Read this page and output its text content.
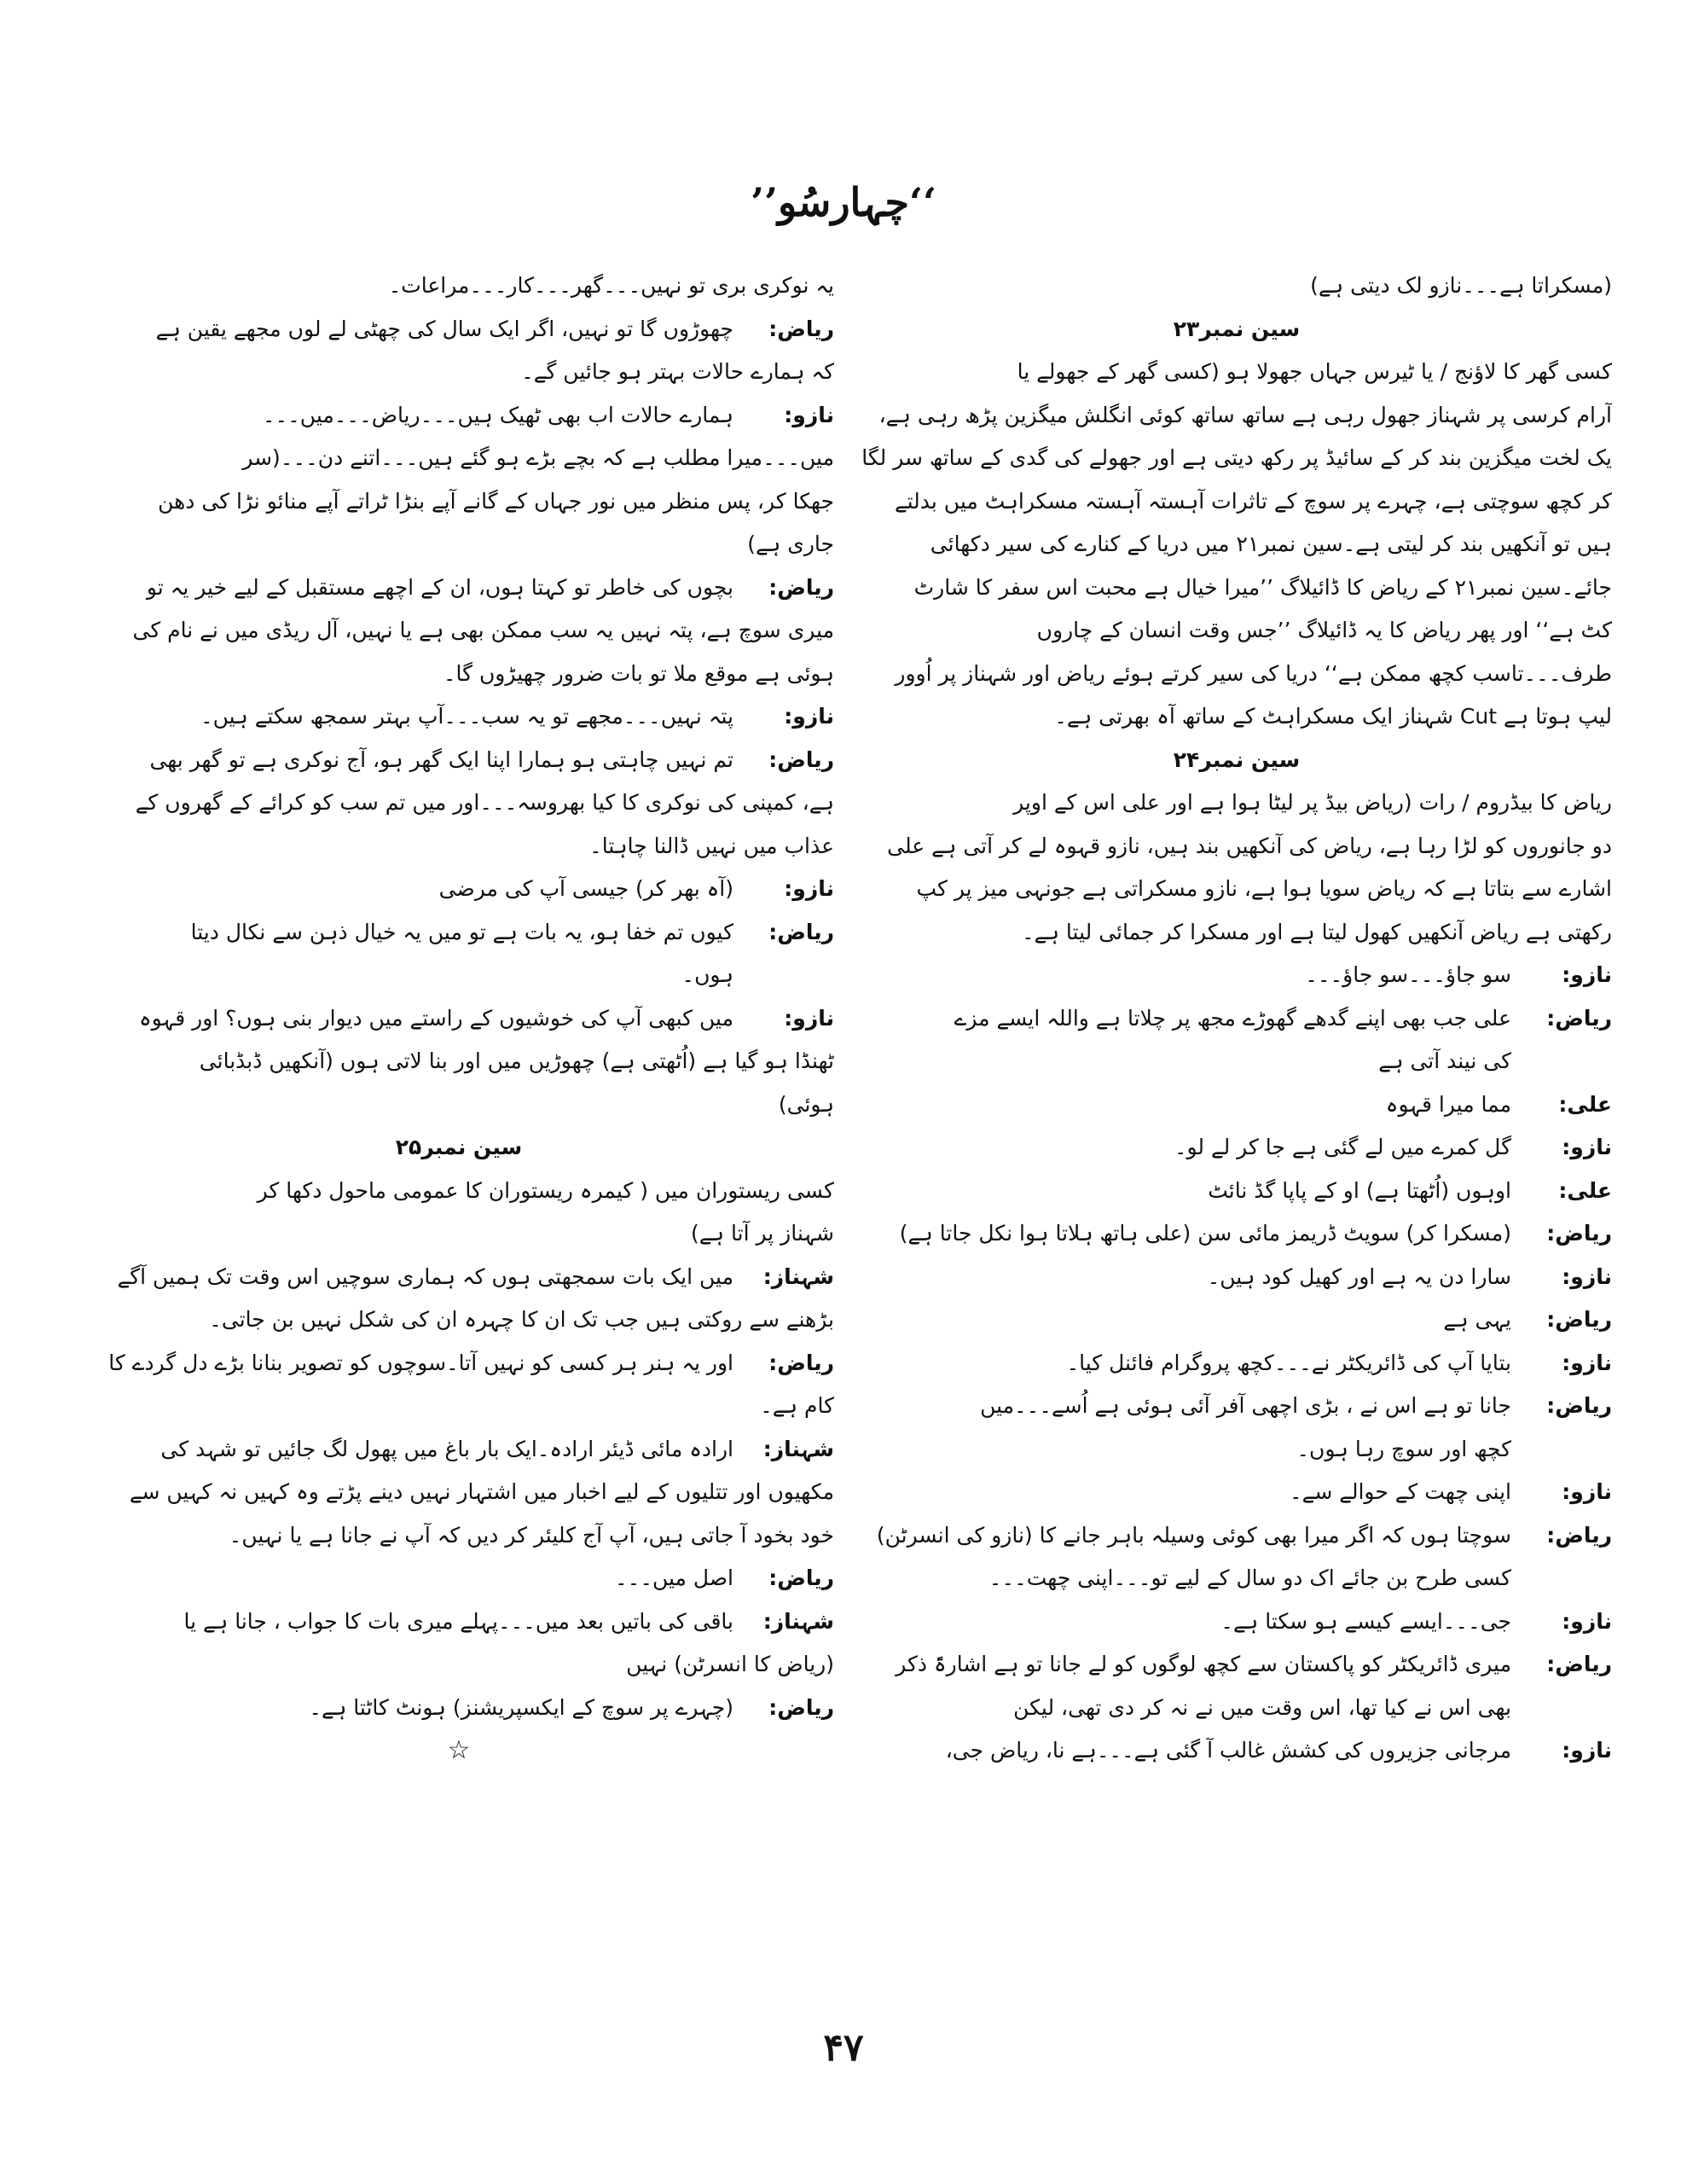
’’چہارسُو‘‘
(مسکراتا ہے۔۔۔نازو لک دیتی ہے)
سین نمبر۲۳
کسی گھر کا لاؤنج / یا ٹیرس جہاں جھولا ہو (کسی گھر کے جھولے یا
آرام کرسی پر شہناز جھول رہی ہے ساتھ ساتھ کوئی انگلش میگزین پڑھ رہی ہے،
یک لخت میگزین بند کر کے سائیڈ پر رکھ دیتی ہے اور جھولے کی گدی کے ساتھ سر لگا
کر کچھ سوچتی ہے، چہرے پر سوچ کے تاثرات آہستہ آہستہ مسکراہٹ میں بدلتے
ہیں تو آنکھیں بند کر لیتی ہے۔سین نمبر۲۱ میں دریا کے کنارے کی سیر دکھائی
جائے۔سین نمبر۲۱ کے ریاض کا ڈائیلاگ ’’میرا خیال ہے محبت اس سفر کا شارٹ
کٹ ہے‘‘ اور پھر ریاض کا یہ ڈائیلاگ ’’جس وقت انسان کے چاروں
طرف۔۔۔تاسب کچھ ممکن ہے‘‘ دریا کی سیر کرتے ہوئے ریاض اور شہناز پر اُوور
لیپ ہوتا ہے Cut شہناز ایک مسکراہٹ کے ساتھ آہ بھرتی ہے۔
سین نمبر۲۴
ریاض کا بیڈروم / رات (ریاض بیڈ پر لیٹا ہوا ہے اور علی اس کے اوپر
دو جانوروں کو لڑا رہا ہے، ریاض کی آنکھیں بند ہیں، نازو قہوہ لے کر آتی ہے علی
اشارے سے بتاتا ہے کہ ریاض سویا ہوا ہے، نازو مسکراتی ہے جونہی میز پر کپ
رکھتی ہے ریاض آنکھیں کھول لیتا ہے اور مسکرا کر جمائی لیتا ہے۔
نازو:سو جاؤ۔۔۔سو جاؤ۔۔۔
ریاض:علی جب بھی اپنے گدھے گھوڑے مجھ پر چلاتا ہے واللہ ایسے مزے
کی نیند آتی ہے
علی:مما میرا قہوہ
نازو:گل کمرے میں لے گئی ہے جا کر لے لو۔
علی:اوہوں (اُٹھتا ہے) او کے پاپا گڈ نائٹ
ریاض:(مسکرا کر) سویٹ ڈریمز مائی سن (علی ہاتھ ہلاتا ہوا نکل جاتا ہے)
نازو:سارا دن یہ ہے اور کھیل کود ہیں۔
ریاض:یہی ہے
نازو:بتایا آپ کی ڈائریکٹر نے۔۔۔کچھ پروگرام فائنل کیا۔
ریاض:جانا تو ہے اس نے ، بڑی اچھی آفر آئی ہوئی ہے اُسے۔۔۔میں
کچھ اور سوچ رہا ہوں۔
نازو:اپنی چھت کے حوالے سے۔
ریاض:سوچتا ہوں کہ اگر میرا بھی کوئی وسیلہ باہر جانے کا (نازو کی انسرٹن)
کسی طرح بن جائے اک دو سال کے لیے تو۔۔۔اپنی چھت۔۔۔
نازو:جی۔۔۔ایسے کیسے ہو سکتا ہے۔
ریاض:میری ڈائریکٹر کو پاکستان سے کچھ لوگوں کو لے جانا تو ہے اشارۃً ذکر
بھی اس نے کیا تھا، اس وقت میں نے نہ کر دی تھی، لیکن
نازو:مرجانی جزیروں کی کشش غالب آ گئی ہے۔۔۔ہے نا، ریاض جی،
یہ نوکری بری تو نہیں۔۔۔گھر۔۔۔کار۔۔۔مراعات۔
ریاض:چھوڑوں گا تو نہیں، اگر ایک سال کی چھٹی لے لوں مجھے یقین ہے
کہ ہمارے حالات بہتر ہو جائیں گے۔
نازو:ہمارے حالات اب بھی ٹھیک ہیں۔۔۔ریاض۔۔۔میں۔۔۔
میں۔۔۔میرا مطلب ہے کہ بچے بڑے ہو گئے ہیں۔۔۔اتنے دن۔۔۔(سر
جھکا کر، پس منظر میں نور جہاں کے گانے آپے بنڑا ٹراتے آپے منائو نڑا کی دھن
جاری ہے)
ریاض:بچوں کی خاطر تو کہتا ہوں، ان کے اچھے مستقبل کے لیے خیر یہ تو
میری سوچ ہے، پتہ نہیں یہ سب ممکن بھی ہے یا نہیں، آل ریڈی میں نے نام کی
ہوئی ہے موقع ملا تو بات ضرور چھیڑوں گا۔
نازو:پتہ نہیں۔۔۔مجھے تو یہ سب۔۔۔آپ بہتر سمجھ سکتے ہیں۔
ریاض:تم نہیں چاہتی ہو ہمارا اپنا ایک گھر ہو، آج نوکری ہے تو گھر بھی
ہے، کمپنی کی نوکری کا کیا بھروسہ۔۔۔اور میں تم سب کو کرائے کے گھروں کے
عذاب میں نہیں ڈالنا چاہتا۔
نازو:(آہ بھر کر) جیسی آپ کی مرضی
ریاض:کیوں تم خفا ہو، یہ بات ہے تو میں یہ خیال ذہن سے نکال دیتا
ہوں۔
نازو:میں کبھی آپ کی خوشیوں کے راستے میں دیوار بنی ہوں؟ اور قہوہ
ٹھنڈا ہو گیا ہے (اُٹھتی ہے) چھوڑیں میں اور بنا لاتی ہوں (آنکھیں ڈبڈبائی
ہوئی)
سین نمبر۲۵
کسی ریستوران میں ( کیمرہ ریستوران کا عمومی ماحول دکھا کر
شہناز پر آتا ہے)
شہناز:میں ایک بات سمجھتی ہوں کہ ہماری سوچیں اس وقت تک ہمیں آگے
بڑھنے سے روکتی ہیں جب تک ان کا چہرہ ان کی شکل نہیں بن جاتی۔
ریاض:اور یہ ہنر ہر کسی کو نہیں آتا۔سوچوں کو تصویر بنانا بڑے دل گردے کا
کام ہے۔
شہناز:ارادہ مائی ڈیئر ارادہ۔ایک بار باغ میں پھول لگ جائیں تو شہد کی
مکھیوں اور تتلیوں کے لیے اخبار میں اشتہار نہیں دینے پڑتے وہ کہیں نہ کہیں سے
خود بخود آ جاتی ہیں، آپ آج کلیئر کر دیں کہ آپ نے جانا ہے یا نہیں۔
ریاض:اصل میں۔۔۔
شہناز:باقی کی باتیں بعد میں۔۔۔پہلے میری بات کا جواب ، جانا ہے یا
(ریاض کا انسرٹن) نہیں
ریاض:(چہرے پر سوچ کے ایکسپریشنز) ہونٹ کاٹتا ہے۔
☆
۴۷
